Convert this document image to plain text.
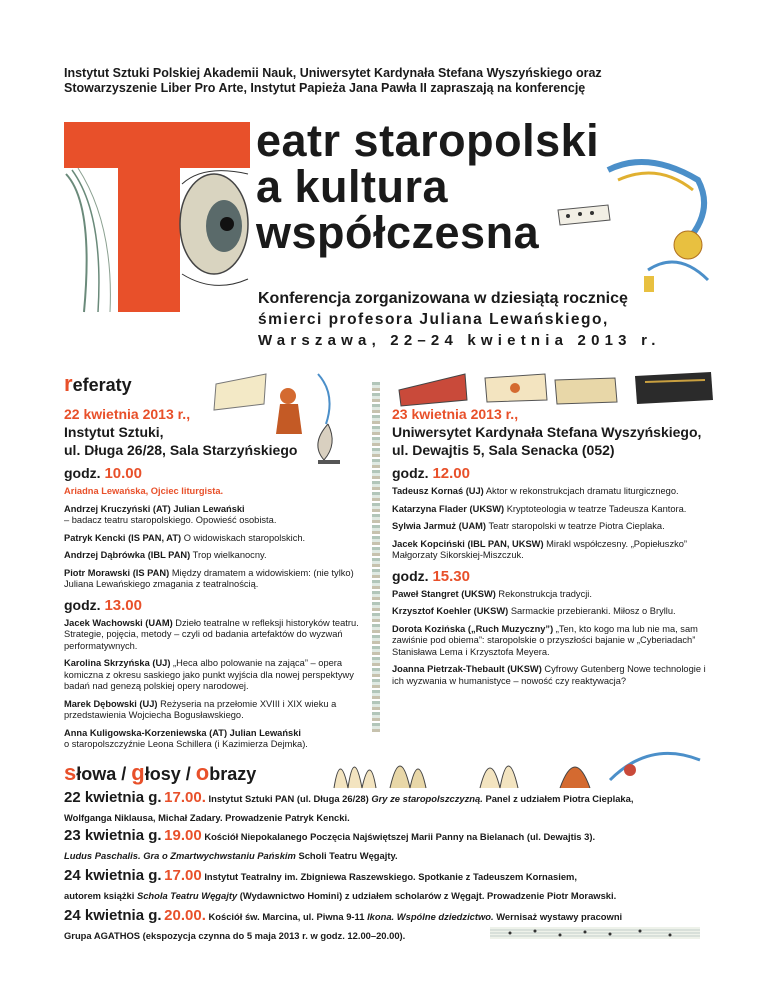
Instytut Sztuki Polskiej Akademii Nauk, Uniwersytet Kardynała Stefana Wyszyńskiego oraz
Stowarzyszenie Liber Pro Arte, Instytut Papieża Jana Pawła II zapraszają na konferencję
eatr staropolski
a kultura
współczesna
Konferencja zorganizowana w dziesiątą rocznicę
śmierci profesora Juliana Lewańskiego,
Warszawa, 22–24 kwietnia 2013 r.
referaty
22 kwietnia 2013 r.,
Instytut Sztuki,
ul. Długa 26/28, Sala Starzyńskiego
godz. 10.00
Ariadna Lewańska, Ojciec liturgista.
Andrzej Kruczyński (AT) Julian Lewański
– badacz teatru staropolskiego. Opowieść osobista.
Patryk Kencki (IS PAN, AT) O widowiskach staropolskich.
Andrzej Dąbrówka (IBL PAN) Trop wielkanocny.
Piotr Morawski (IS PAN) Między dramatem a widowiskiem: (nie tylko) Juliana Lewańskiego zmagania z teatralnością.
godz. 13.00
Jacek Wachowski (UAM) Dzieło teatralne w refleksji historyków teatru. Strategie, pojęcia, metody – czyli od badania artefaktów do wyzwań performatywnych.
Karolina Skrzyńska (UJ) „Heca albo polowanie na zająca” – opera komiczna z okresu saskiego jako punkt wyjścia dla nowej perspektywy badań nad genezą polskiej opery narodowej.
Marek Dębowski (UJ) Reżyseria na przełomie XVIII i XIX wieku a przedstawienia Wojciecha Bogusławskiego.
Anna Kuligowska-Korzeniewska (AT) Julian Lewański
o staropolszczyźnie Leona Schillera (i Kazimierza Dejmka).
23 kwietnia 2013 r.,
Uniwersytet Kardynała Stefana Wyszyńskiego,
ul. Dewajtis 5, Sala Senacka (052)
godz. 12.00
Tadeusz Kornaś (UJ) Aktor w rekonstrukcjach dramatu liturgicznego.
Katarzyna Flader (UKSW) Kryptoteologia w teatrze Tadeusza Kantora.
Sylwia Jarmuż (UAM) Teatr staropolski w teatrze Piotra Cieplaka.
Jacek Kopciński (IBL PAN, UKSW) Mirakl współczesny. „Popiełuszko” Małgorzaty Sikorskiej-Miszczuk.
godz. 15.30
Paweł Stangret (UKSW) Rekonstrukcja tradycji.
Krzysztof Koehler (UKSW) Sarmackie przebieranki. Miłosz o Bryllu.
Dorota Kozińska („Ruch Muzyczny”) „Ten, kto kogo ma lub nie ma, sam zawiśnie pod obiema”: staropolskie o przyszłości bajanie w „Cyberiadach” Stanisława Lema i Krzysztofa Meyera.
Joanna Pietrzak-Thebault (UKSW) Cyfrowy Gutenberg Nowe technologie i ich wyzwania w humanistyce – nowość czy reaktywacja?
słowa / głosy / obrazy
22 kwietnia g. 17.00. Instytut Sztuki PAN (ul. Długa 26/28) Gry ze staropolszczyzną. Panel z udziałem Piotra Cieplaka,
Wolfganga Niklausa, Michał Zadary. Prowadzenie Patryk Kencki.
23 kwietnia g. 19.00 Kościół Niepokalanego Poczęcia Najświętszej Marii Panny na Bielanach (ul. Dewajtis 3).
Ludus Paschalis. Gra o Zmartwychwstaniu Pańskim Scholi Teatru Węgajty.
24 kwietnia g. 17.00 Instytut Teatralny im. Zbigniewa Raszewskiego. Spotkanie z Tadeuszem Kornasiem,
autorem książki Schola Teatru Węgajty (Wydawnictwo Homini) z udziałem scholarów z Węgajt. Prowadzenie Piotr Morawski.
24 kwietnia g. 20.00. Kościół św. Marcina, ul. Piwna 9-11 Ikona. Wspólne dziedzictwo. Wernisaż wystawy pracowni
Grupa AGATHOS (ekspozycja czynna do 5 maja 2013 r. w godz. 12.00–20.00).
